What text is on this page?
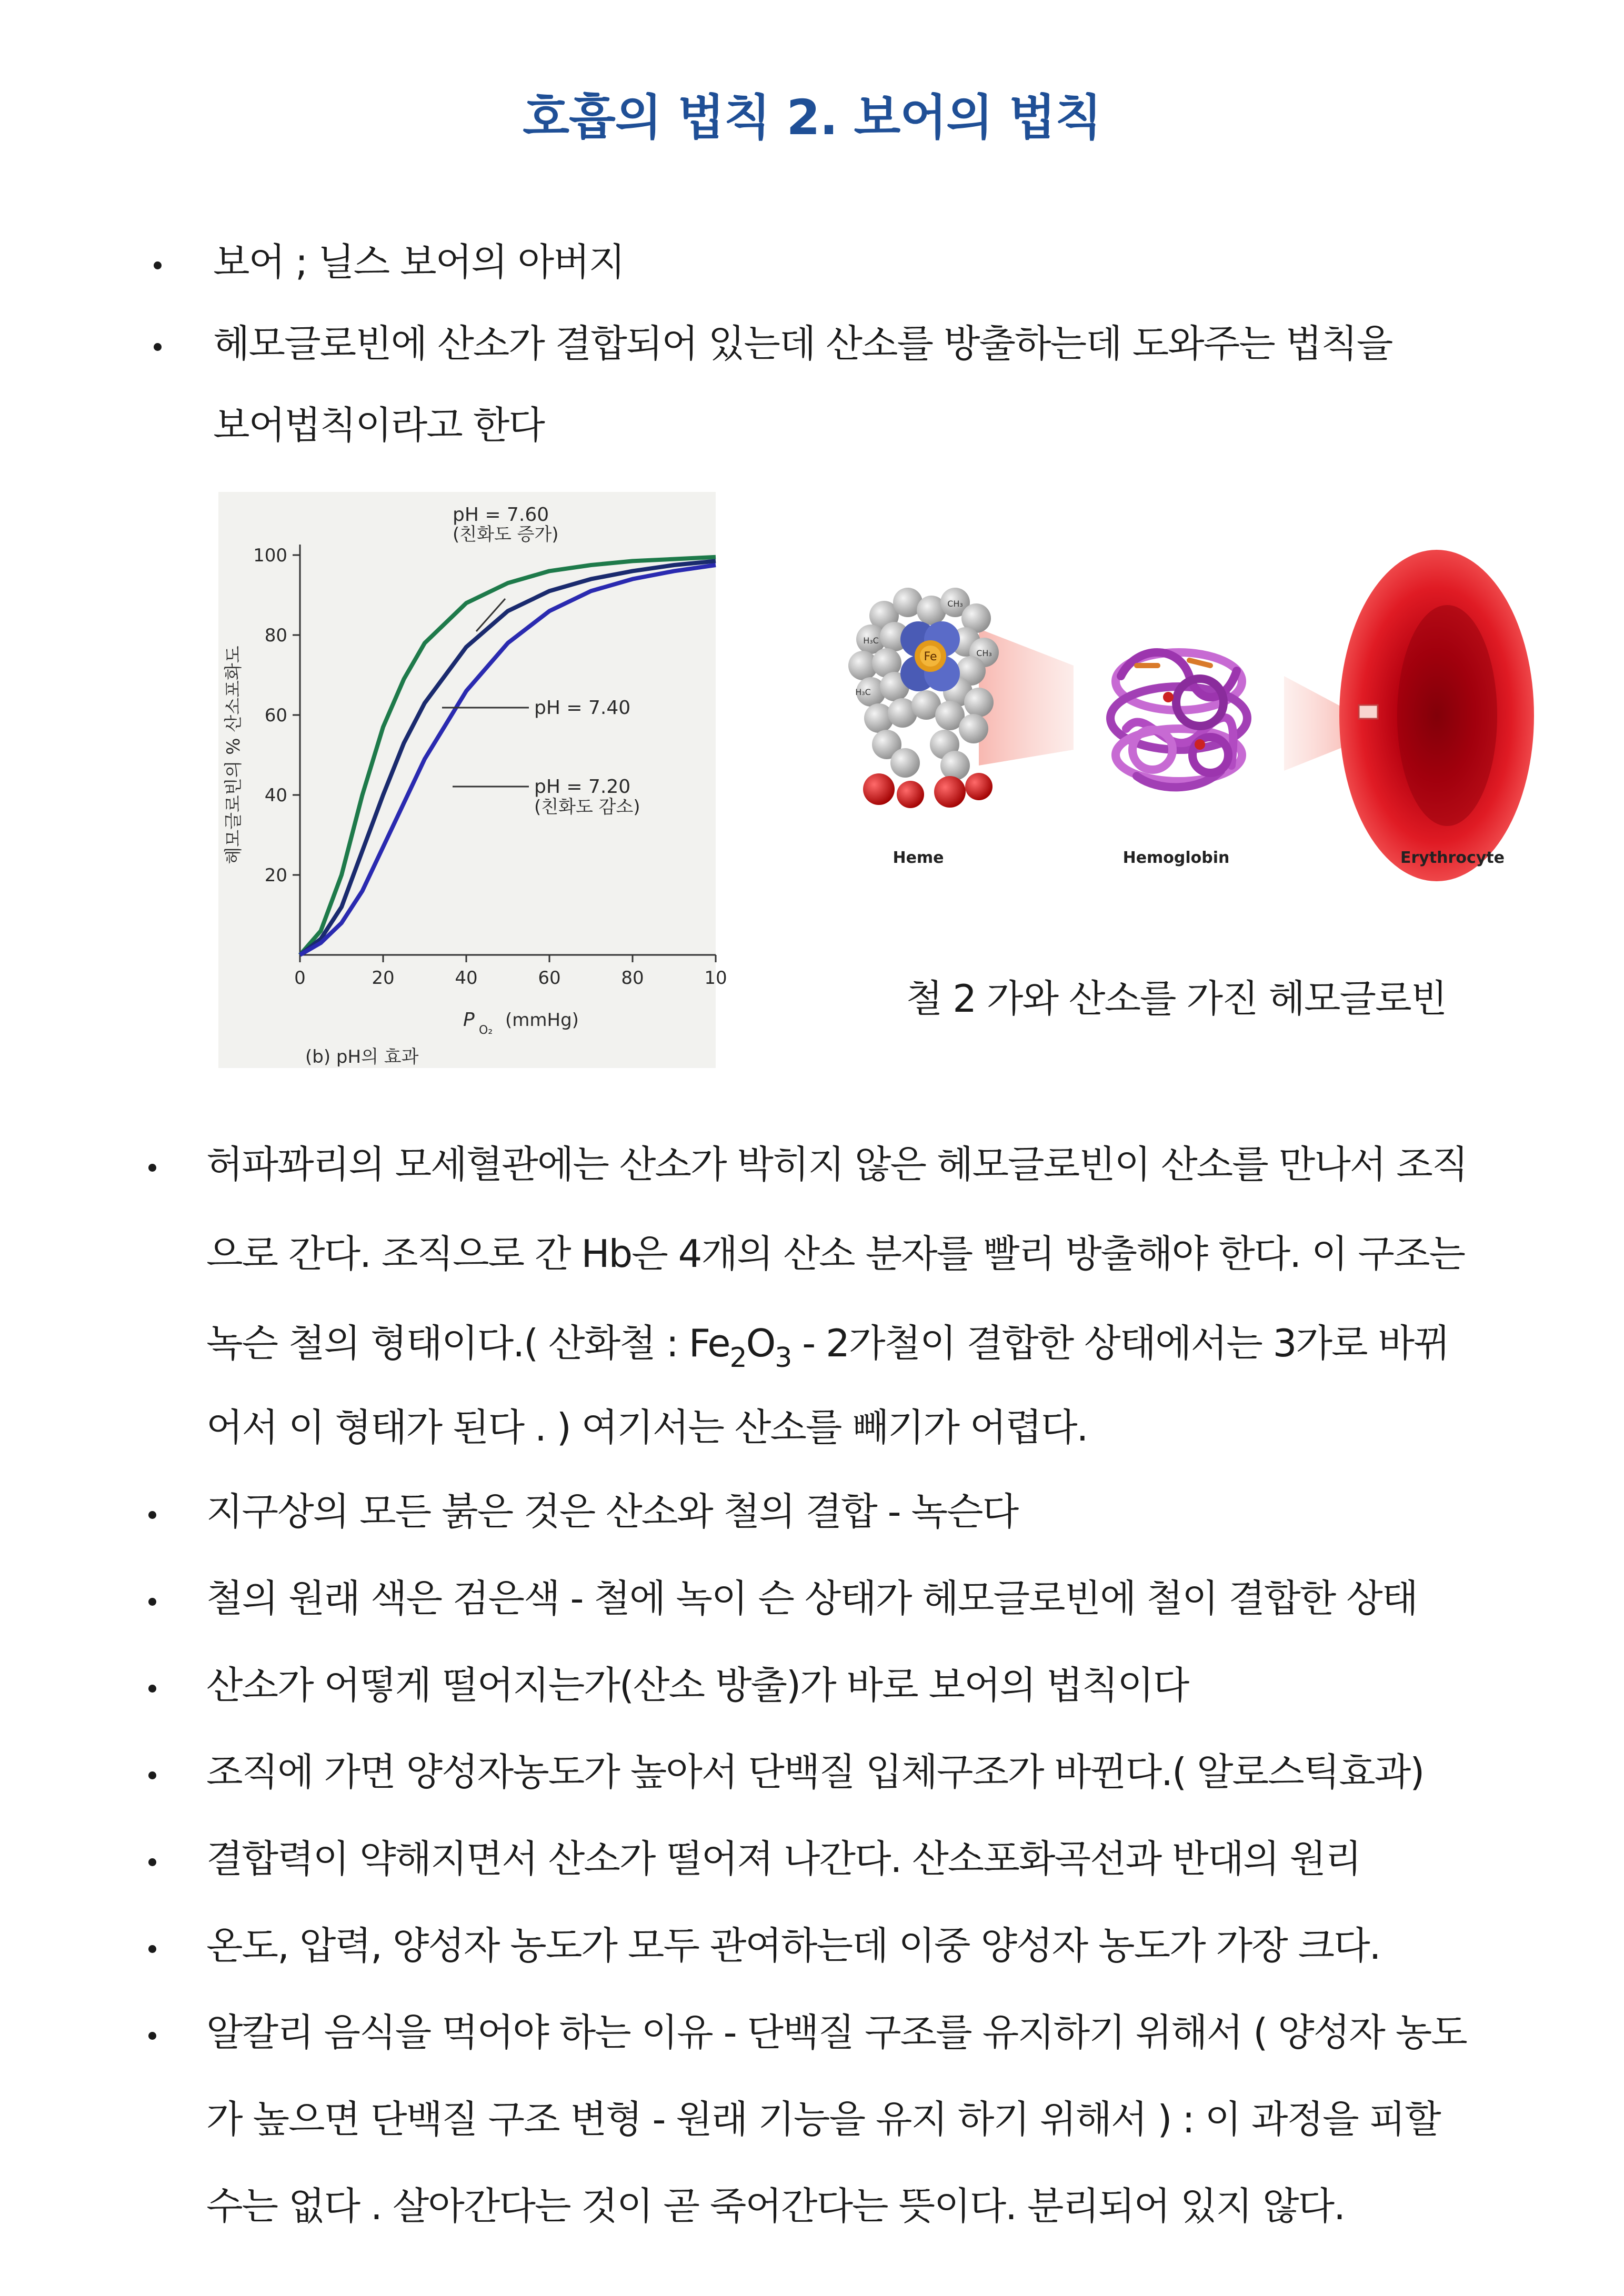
호흡의 법칙 2. 보어의 법칙
보어 ; 닐스 보어의 아버지
헤모글로빈에 산소가 결합되어 있는데 산소를 방출하는데 도와주는 법칙을
보어법칙이라고 한다
20
40
60
80
100
0	20	40	60	80	10
pH = 7.60
(친화도 증가)
pH = 7.40
pH = 7.20
(친화도 감소)
P O₂ (mmHg)
헤모글로빈의 % 산소포화도
(b) pH의 효과
Fe
CH₃
CH₃
H₃C
H₃C
Heme	Hemoglobin	Erythrocyte
철 2 가와 산소를 가진 헤모글로빈
허파꽈리의 모세혈관에는 산소가 박히지 않은 헤모글로빈이 산소를 만나서 조직
으로 간다. 조직으로 간 Hb은 4개의 산소 분자를 빨리 방출해야 한다. 이 구조는
녹슨 철의 형태이다.( 산화철 : $Fe_2O_3 - 2$가철이 결합한 상태에서는 3가로 바뀌
어서 이 형태가 된다 . ) 여기서는 산소를 빼기가 어렵다.
지구상의 모든 붉은 것은 산소와 철의 결합 - 녹슨다
철의 원래 색은 검은색 - 철에 녹이 슨 상태가 헤모글로빈에 철이 결합한 상태
산소가 어떻게 떨어지는가(산소 방출)가 바로 보어의 법칙이다
조직에 가면 양성자농도가 높아서 단백질 입체구조가 바뀐다.( 알로스틱효과)
결합력이 약해지면서 산소가 떨어져 나간다. 산소포화곡선과 반대의 원리
온도, 압력, 양성자 농도가 모두 관여하는데 이중 양성자 농도가 가장 크다.
알칼리 음식을 먹어야 하는 이유 - 단백질 구조를 유지하기 위해서 ( 양성자 농도
가 높으면 단백질 구조 변형 - 원래 기능을 유지 하기 위해서 ) : 이 과정을 피할
수는 없다 . 살아간다는 것이 곧 죽어간다는 뜻이다. 분리되어 있지 않다.
